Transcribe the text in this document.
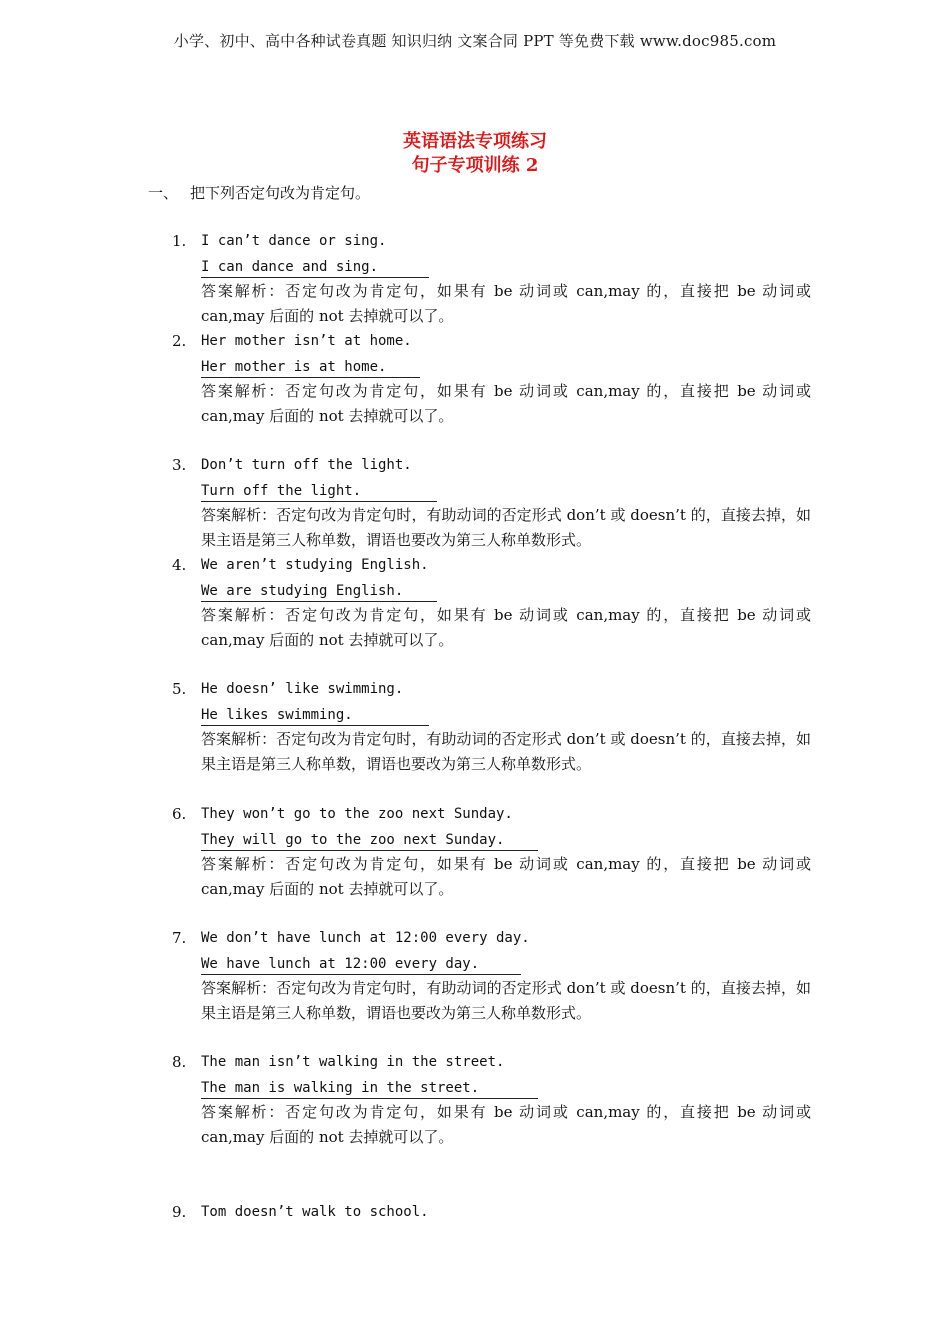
小学、初中、高中各种试卷真题 知识归纳 文案合同 PPT 等免费下载 www.doc985.com
英语语法专项练习
句子专项训练 2
一、 把下列否定句改为肯定句。
1.	I can’t dance or sing.
I can dance and sing.
答案解析：否定句改为肯定句，如果有 be 动词或 can,may 的，直接把 be 动词或 can,may 后面的 not 去掉就可以了。
2.	Her mother isn’t at home.
Her mother is at home.
答案解析：否定句改为肯定句，如果有 be 动词或 can,may 的，直接把 be 动词或 can,may 后面的 not 去掉就可以了。
3.	Don’t turn off the light.
Turn off the light.
答案解析：否定句改为肯定句时，有助动词的否定形式 don’t 或 doesn’t 的，直接去掉，如果主语是第三人称单数，谓语也要改为第三人称单数形式。
4.	We aren’t studying English.
We are studying English.
答案解析：否定句改为肯定句，如果有 be 动词或 can,may 的，直接把 be 动词或 can,may 后面的 not 去掉就可以了。
5.	He doesn’ like swimming.
He likes swimming.
答案解析：否定句改为肯定句时，有助动词的否定形式 don’t 或 doesn’t 的，直接去掉，如果主语是第三人称单数，谓语也要改为第三人称单数形式。
6.	They won’t go to the zoo next Sunday.
They will go to the zoo next Sunday.
答案解析：否定句改为肯定句，如果有 be 动词或 can,may 的，直接把 be 动词或 can,may 后面的 not 去掉就可以了。
7.	We don’t have lunch at 12:00 every day.
We have lunch at 12:00 every day.
答案解析：否定句改为肯定句时，有助动词的否定形式 don’t 或 doesn’t 的，直接去掉，如果主语是第三人称单数，谓语也要改为第三人称单数形式。
8.	The man isn’t walking in the street.
The man is walking in the street.
答案解析：否定句改为肯定句，如果有 be 动词或 can,may 的，直接把 be 动词或 can,may 后面的 not 去掉就可以了。
9.	Tom doesn’t walk to school.
